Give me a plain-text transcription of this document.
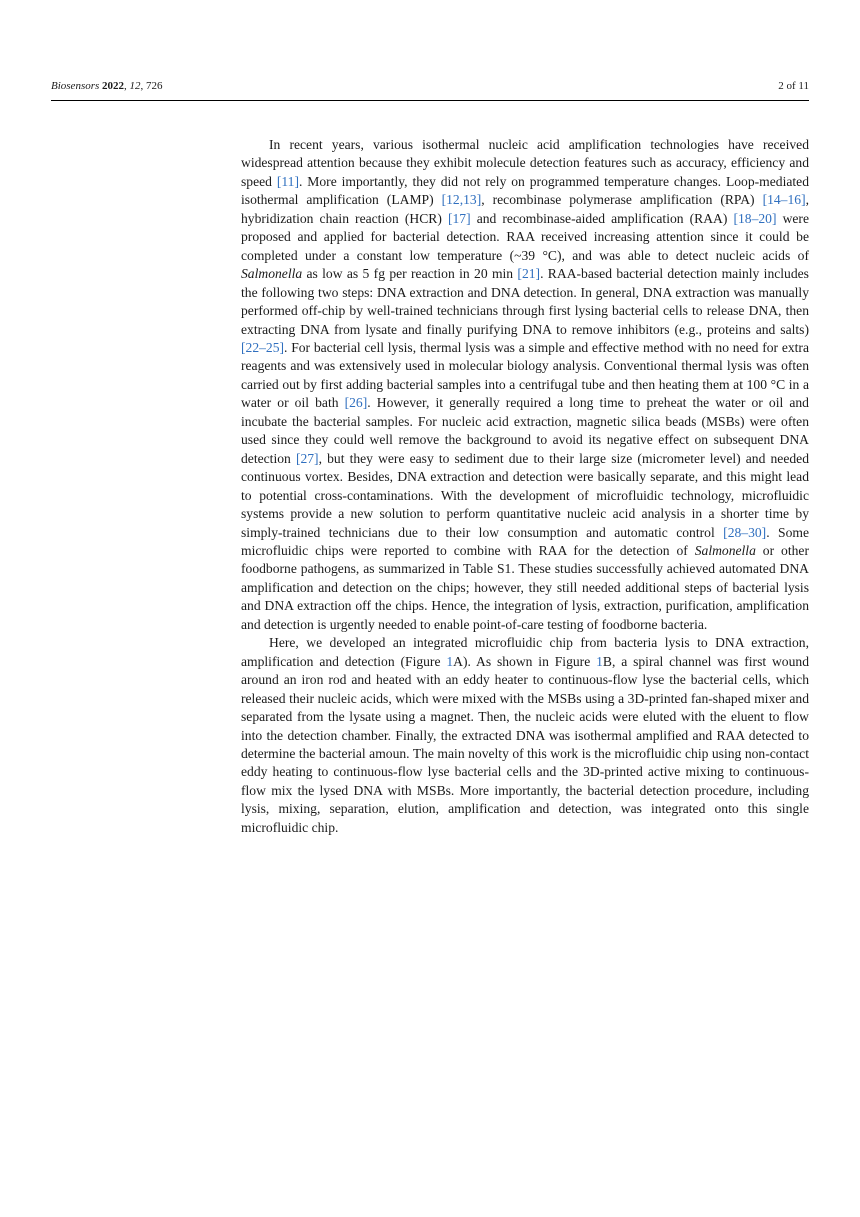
Biosensors 2022, 12, 726	2 of 11

In recent years, various isothermal nucleic acid amplification technologies have received widespread attention because they exhibit molecule detection features such as accuracy, efficiency and speed [11]. More importantly, they did not rely on programmed temperature changes. Loop-mediated isothermal amplification (LAMP) [12,13], recombinase polymerase amplification (RPA) [14–16], hybridization chain reaction (HCR) [17] and recombinase-aided amplification (RAA) [18–20] were proposed and applied for bacterial detection. RAA received increasing attention since it could be completed under a constant low temperature (~39 °C), and was able to detect nucleic acids of Salmonella as low as 5 fg per reaction in 20 min [21]. RAA-based bacterial detection mainly includes the following two steps: DNA extraction and DNA detection. In general, DNA extraction was manually performed off-chip by well-trained technicians through first lysing bacterial cells to release DNA, then extracting DNA from lysate and finally purifying DNA to remove inhibitors (e.g., proteins and salts) [22–25]. For bacterial cell lysis, thermal lysis was a simple and effective method with no need for extra reagents and was extensively used in molecular biology analysis. Conventional thermal lysis was often carried out by first adding bacterial samples into a centrifugal tube and then heating them at 100 °C in a water or oil bath [26]. However, it generally required a long time to preheat the water or oil and incubate the bacterial samples. For nucleic acid extraction, magnetic silica beads (MSBs) were often used since they could well remove the background to avoid its negative effect on subsequent DNA detection [27], but they were easy to sediment due to their large size (micrometer level) and needed continuous vortex. Besides, DNA extraction and detection were basically separate, and this might lead to potential cross-contaminations. With the development of microfluidic technology, microfluidic systems provide a new solution to perform quantitative nucleic acid analysis in a shorter time by simply-trained technicians due to their low consumption and automatic control [28–30]. Some microfluidic chips were reported to combine with RAA for the detection of Salmonella or other foodborne pathogens, as summarized in Table S1. These studies successfully achieved automated DNA amplification and detection on the chips; however, they still needed additional steps of bacterial lysis and DNA extraction off the chips. Hence, the integration of lysis, extraction, purification, amplification and detection is urgently needed to enable point-of-care testing of foodborne bacteria.

Here, we developed an integrated microfluidic chip from bacteria lysis to DNA extraction, amplification and detection (Figure 1A). As shown in Figure 1B, a spiral channel was first wound around an iron rod and heated with an eddy heater to continuous-flow lyse the bacterial cells, which released their nucleic acids, which were mixed with the MSBs using a 3D-printed fan-shaped mixer and separated from the lysate using a magnet. Then, the nucleic acids were eluted with the eluent to flow into the detection chamber. Finally, the extracted DNA was isothermal amplified and RAA detected to determine the bacterial amoun. The main novelty of this work is the microfluidic chip using non-contact eddy heating to continuous-flow lyse bacterial cells and the 3D-printed active mixing to continuous-flow mix the lysed DNA with MSBs. More importantly, the bacterial detection procedure, including lysis, mixing, separation, elution, amplification and detection, was integrated onto this single microfluidic chip.
